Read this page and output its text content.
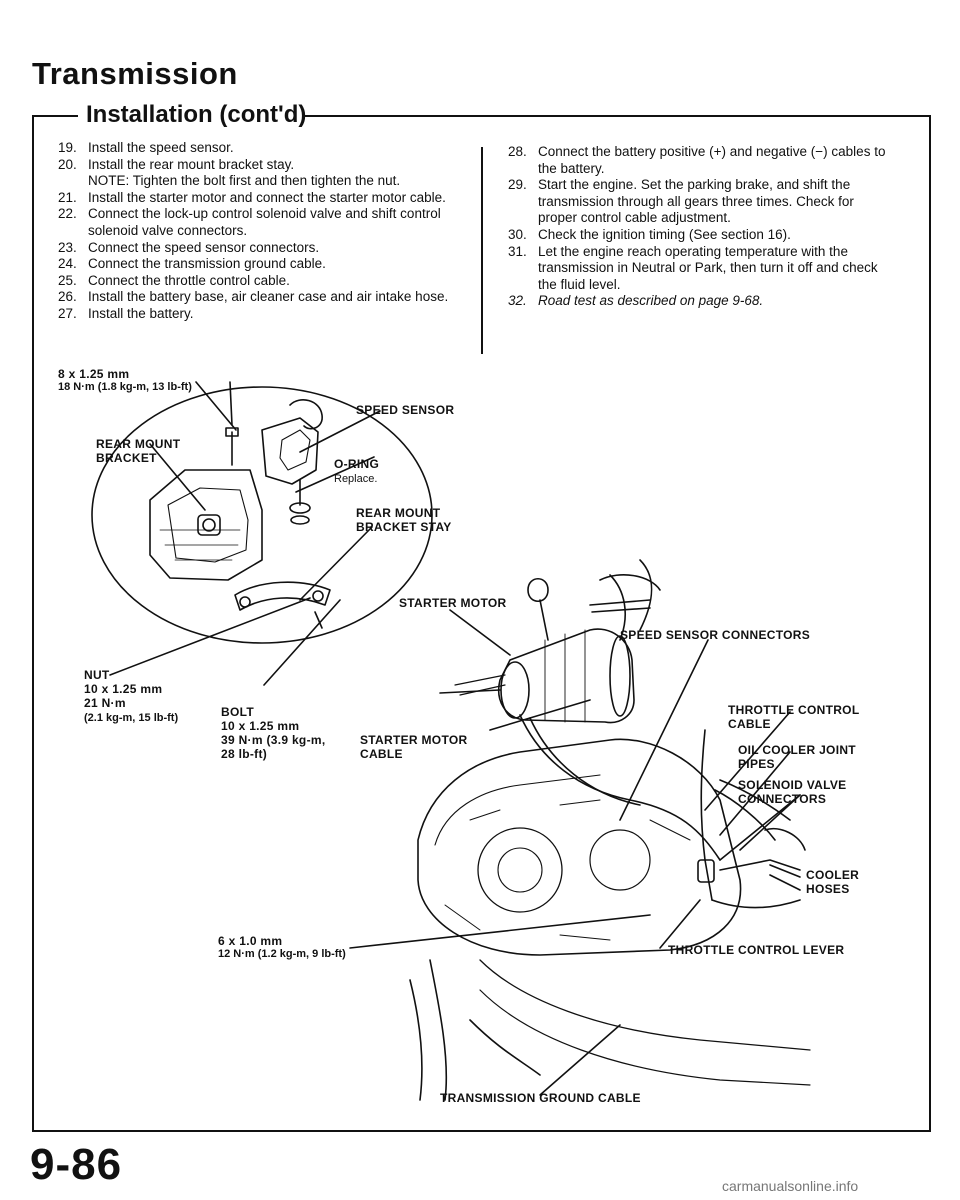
Transmission
Installation (cont'd)
19. Install the speed sensor.
20. Install the rear mount bracket stay.
NOTE: Tighten the bolt first and then tighten the nut.
21. Install the starter motor and connect the starter motor cable.
22. Connect the lock-up control solenoid valve and shift control solenoid valve connectors.
23. Connect the speed sensor connectors.
24. Connect the transmission ground cable.
25. Connect the throttle control cable.
26. Install the battery base, air cleaner case and air intake hose.
27. Install the battery.
28. Connect the battery positive (+) and negative (−) cables to the battery.
29. Start the engine. Set the parking brake, and shift the transmission through all gears three times. Check for proper control cable adjustment.
30. Check the ignition timing (See section 16).
31. Let the engine reach operating temperature with the transmission in Neutral or Park, then turn it off and check the fluid level.
32. Road test as described on page 9-68.
8 x 1.25 mm
18 N·m (1.8 kg-m, 13 lb-ft)
SPEED SENSOR
REAR MOUNT
BRACKET	O-RING
Replace.
REAR MOUNT
BRACKET STAY
STARTER MOTOR
SPEED SENSOR CONNECTORS
NUT
10 x 1.25 mm
21 N·m
(2.1 kg-m, 15 lb-ft)	BOLT
10 x 1.25 mm
39 N·m (3.9 kg-m,
28 lb-ft)
STARTER MOTOR
CABLE
THROTTLE CONTROL
CABLE
OIL COOLER JOINT
PIPES
SOLENOID VALVE
CONNECTORS
COOLER
HOSES
6 x 1.0 mm
12 N·m (1.2 kg-m, 9 lb-ft)	THROTTLE CONTROL LEVER
TRANSMISSION GROUND CABLE
9-86	carmanualsonline.info
